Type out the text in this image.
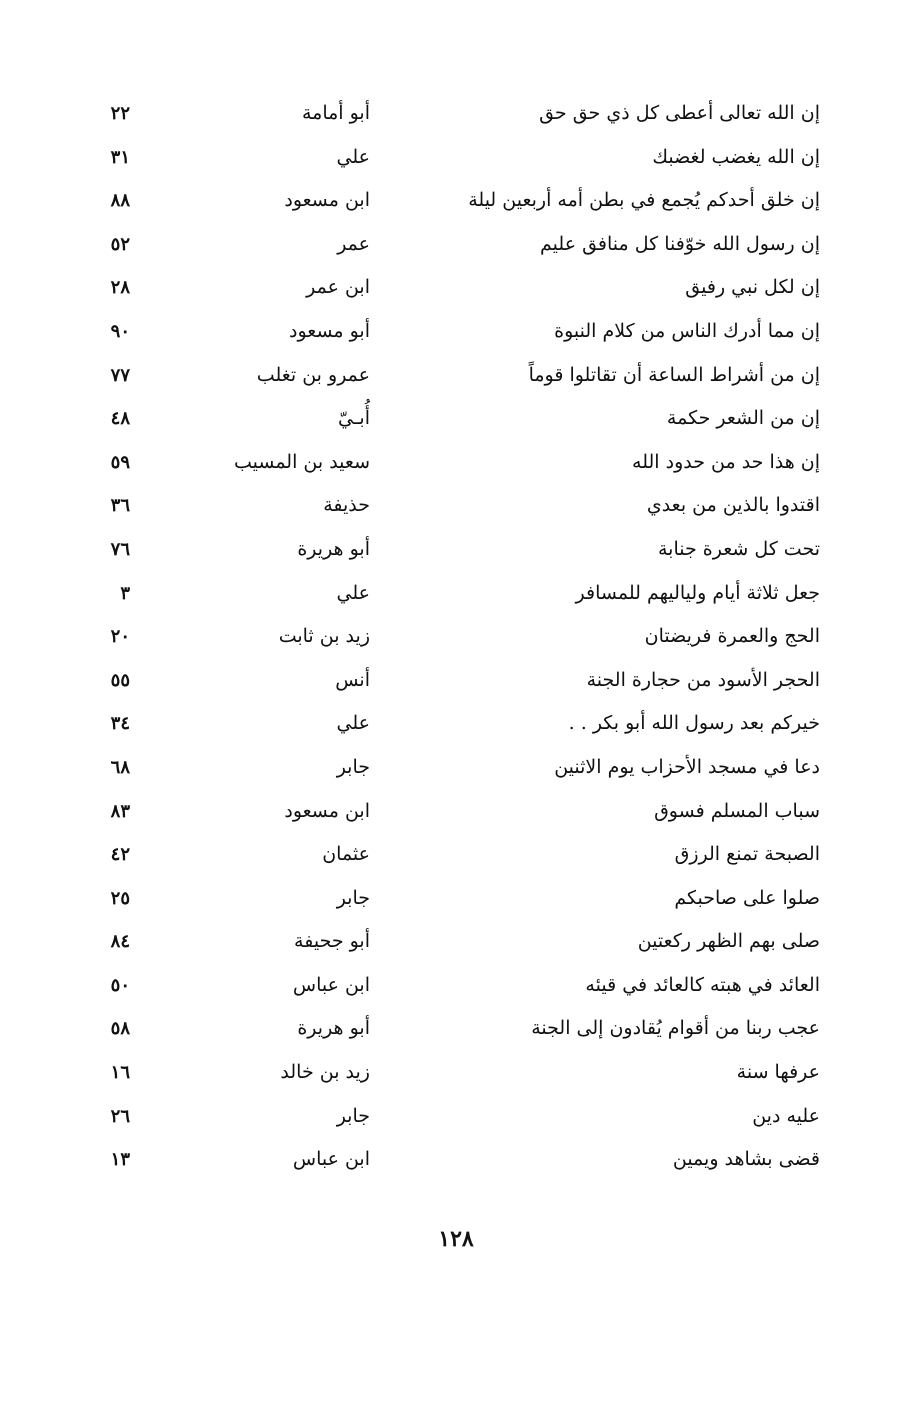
إن الله تعالى أعطى كل ذي حق حق
أبو أمامة
٢٢
إن الله يغضب لغضبك
علي
٣١
إن خلق أحدكم يُجمع في بطن أمه أربعين ليلة
ابن مسعود
٨٨
إن رسول الله خوّفنا كل منافق عليم
عمر
٥٢
إن لكل نبي رفيق
ابن عمر
٢٨
إن مما أدرك الناس من كلام النبوة
أبو مسعود
٩٠
إن من أشراط الساعة أن تقاتلوا قوماً
عمرو بن تغلب
٧٧
إن من الشعر حكمة
أُبـيّ
٤٨
إن هذا حد من حدود الله
سعيد بن المسيب
٥٩
اقتدوا بالذين من بعدي
حذيفة
٣٦
تحت كل شعرة جنابة
أبو هريرة
٧٦
جعل ثلاثة أيام ولياليهم للمسافر
علي
٣
الحج والعمرة فريضتان
زيد بن ثابت
٢٠
الحجر الأسود من حجارة الجنة
أنس
٥٥
خيركم بعد رسول الله أبو بكر . .
علي
٣٤
دعا في مسجد الأحزاب يوم الاثنين
جابر
٦٨
سباب المسلم فسوق
ابن مسعود
٨٣
الصبحة تمنع الرزق
عثمان
٤٢
صلوا على صاحبكم
جابر
٢٥
صلى بهم الظهر ركعتين
أبو جحيفة
٨٤
العائد في هبته كالعائد في قيئه
ابن عباس
٥٠
عجب ربنا من أقوام يُقادون إلى الجنة
أبو هريرة
٥٨
عرفها سنة
زيد بن خالد
١٦
عليه دين
جابر
٢٦
قضى بشاهد ويمين
ابن عباس
١٣
١٢٨
